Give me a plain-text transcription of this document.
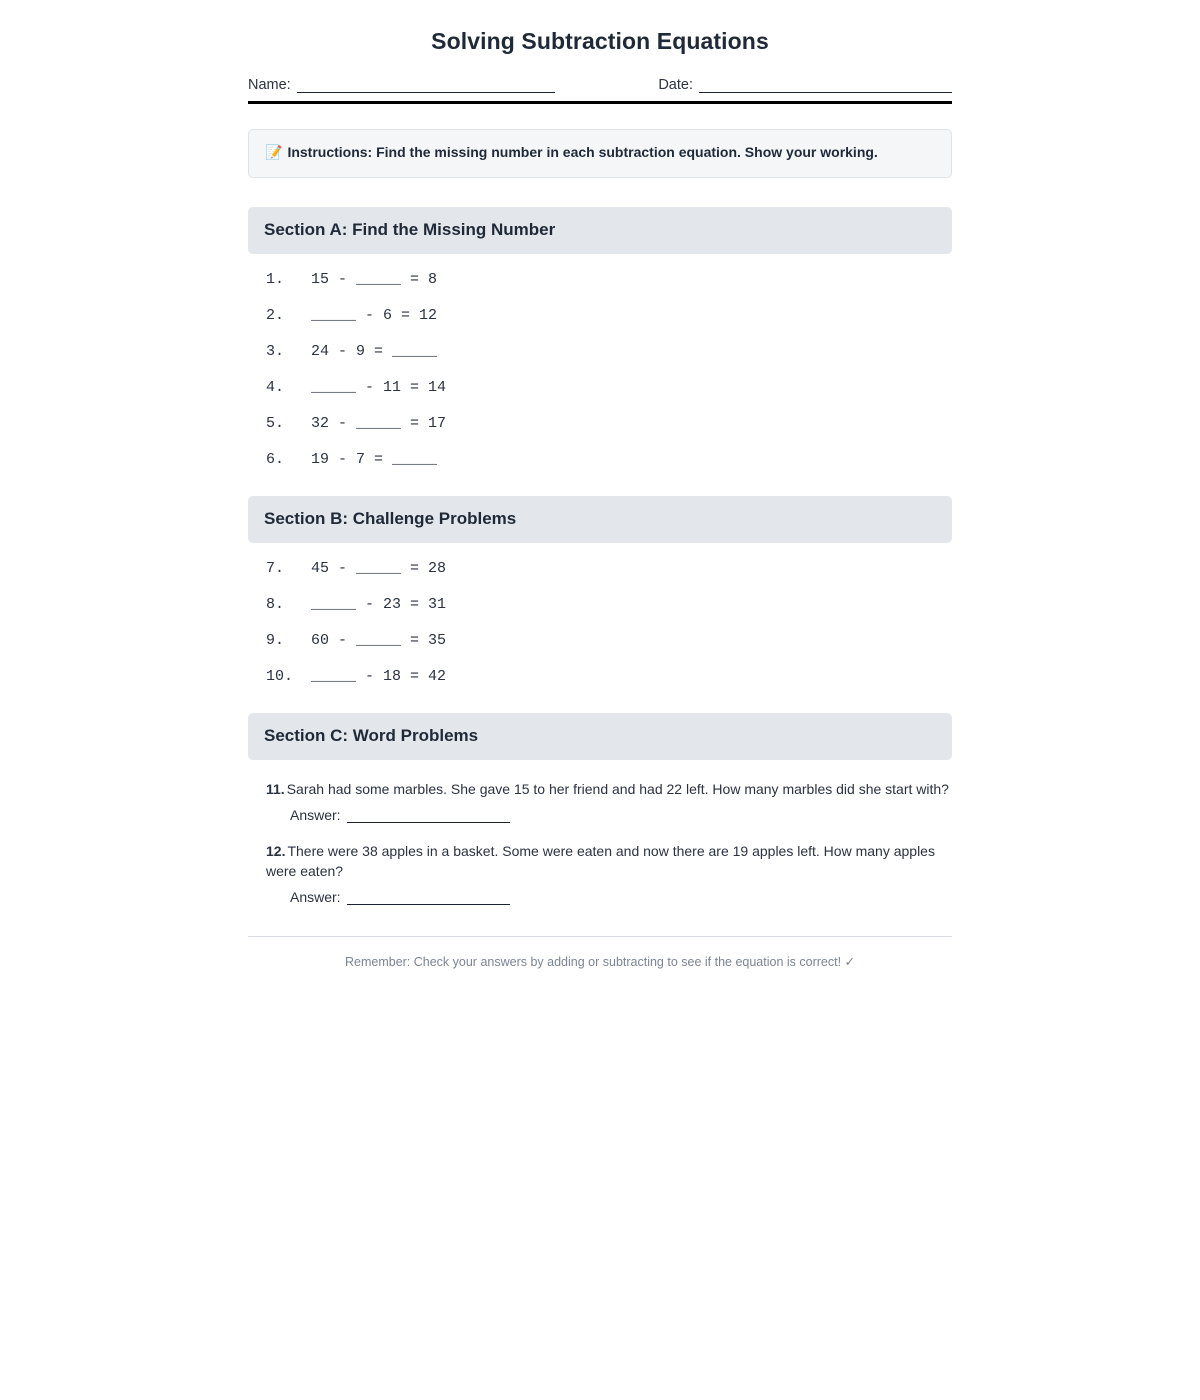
Solving Subtraction Equations
Name:	Date:
📝 Instructions: Find the missing number in each subtraction equation. Show your working.
Section A: Find the Missing Number
1. 15 - _____ = 8
2. _____ - 6 = 12
3. 24 - 9 = _____
4. _____ - 11 = 14
5. 32 - _____ = 17
6. 19 - 7 = _____
Section B: Challenge Problems
7. 45 - _____ = 28
8. _____ - 23 = 31
9. 60 - _____ = 35
10. _____ - 18 = 42
Section C: Word Problems
11. Sarah had some marbles. She gave 15 to her friend and had 22 left. How many marbles did she start with?
Answer:
12. There were 38 apples in a basket. Some were eaten and now there are 19 apples left. How many apples were eaten?
Answer:
Remember: Check your answers by adding or subtracting to see if the equation is correct! ✓
